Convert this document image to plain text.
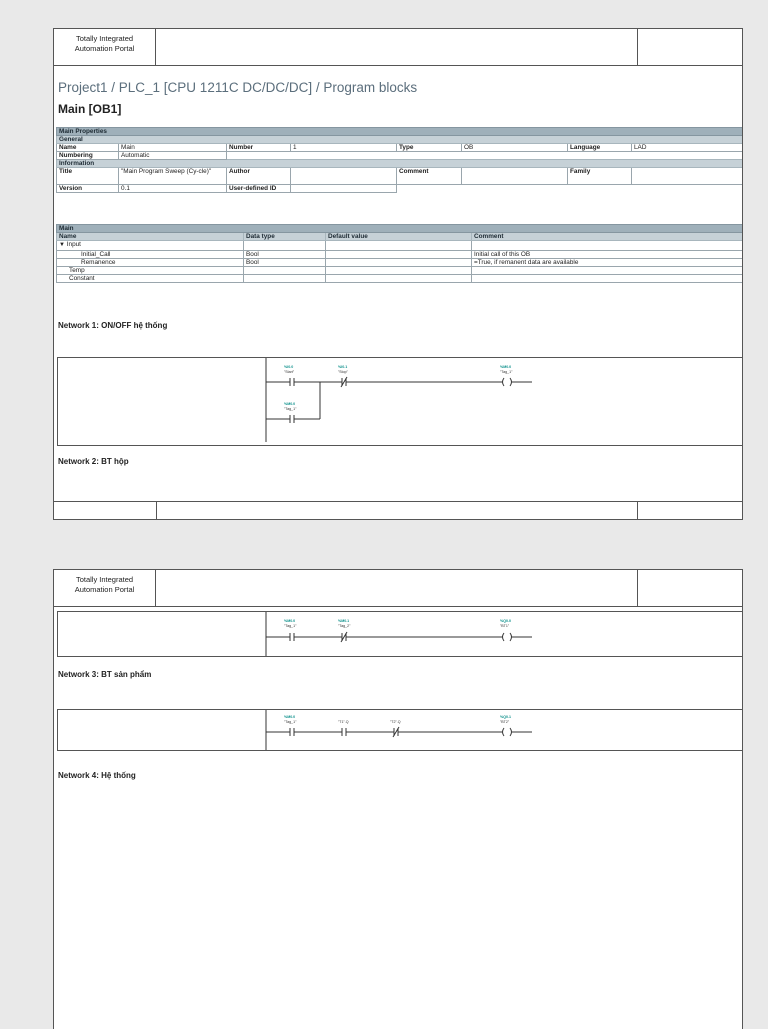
Totally Integrated
Automation Portal
Project1 / PLC_1 [CPU 1211C DC/DC/DC] / Program blocks
Main [OB1]
Main Properties							
General							
Name	Main	Number	1	Type	OB	Language	LAD
Numbering	Automatic						
Information							
Title	"Main Program Sweep (Cy-cle)"	Author		Comment		Family	
Version	0.1	User-defined ID					
Main			
Name	Data type	Default value	Comment
▼ Input			
Initial_Call	Bool		Initial call of this OB
Remanence	Bool		=True, if remanent data are available
Temp			
Constant			
Network 1: ON/OFF hệ thống
%I0.0
"Start"
%I0.1
"Stop"
%M0.0
"Tag_1"
%M0.0
"Tag_1"
Network 2: BT hộp
Totally Integrated
Automation Portal
%M0.0
"Tag_1"
%M0.1
"Tag_2"
%Q0.0
"BT1"
Network 3: BT sản phẩm
%M0.0
"Tag_1"	"T1".Q	"T2".Q
%Q0.1
"BT2"
Network 4: Hệ thống
